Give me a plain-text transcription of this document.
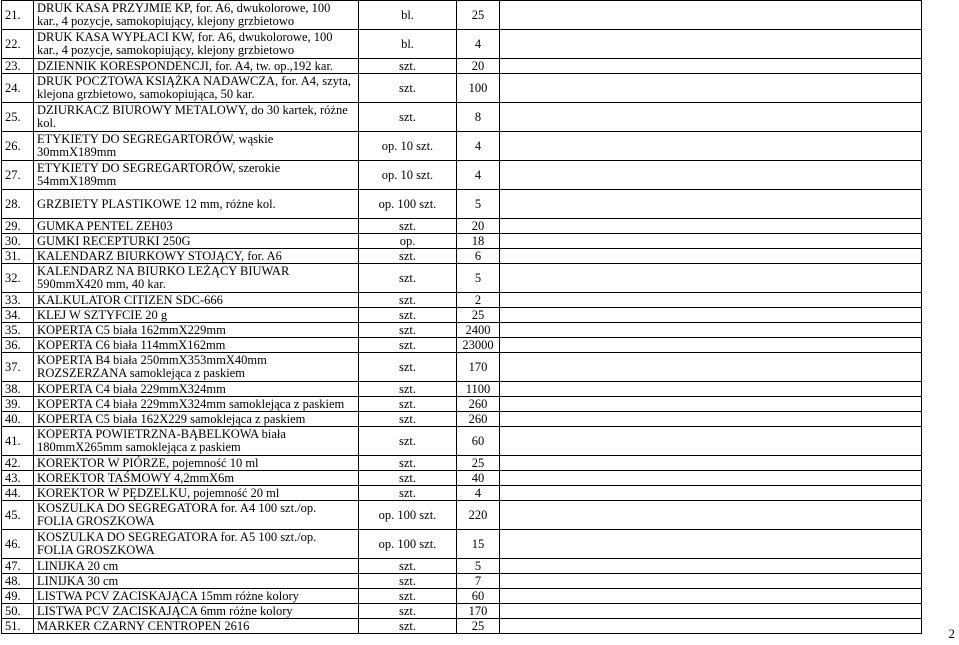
21.	DRUK KASA PRZYJMIE KP, for. A6, dwukolorowe, 100 kar., 4 pozycje, samokopiujący, klejony grzbietowo	bl.	25	
22.	DRUK KASA WYPŁACI KW, for. A6, dwukolorowe, 100 kar., 4 pozycje, samokopiujący, klejony grzbietowo	bl.	4	
23.	DZIENNIK KORESPONDENCJI, for. A4, tw. op.,192 kar.	szt.	20	
24.	DRUK POCZTOWA KSIĄŻKA NADAWCZA, for. A4, szyta, klejona grzbietowo, samokopiująca, 50 kar.	szt.	100	
25.	DZIURKACZ BIUROWY METALOWY, do 30 kartek, różne kol.	szt.	8	
26.	ETYKIETY DO SEGREGARTORÓW, wąskie 30mmX189mm	op. 10 szt.	4	
27.	ETYKIETY DO SEGREGARTORÓW, szerokie 54mmX189mm	op. 10 szt.	4	
28.	GRZBIETY PLASTIKOWE 12 mm, różne kol.	op. 100 szt.	5	
29.	GUMKA PENTEL ZEH03	szt.	20	
30.	GUMKI RECEPTURKI 250G	op.	18	
31.	KALENDARZ BIURKOWY STOJĄCY, for. A6	szt.	6	
32.	KALENDARZ NA BIURKO LEŻĄCY BIUWAR 590mmX420 mm, 40 kar.	szt.	5	
33.	KALKULATOR CITIZEN SDC-666	szt.	2	
34.	KLEJ W SZTYFCIE 20 g	szt.	25	
35.	KOPERTA C5 biała 162mmX229mm	szt.	2400	
36.	KOPERTA C6 biała 114mmX162mm	szt.	23000	
37.	KOPERTA B4 biała 250mmX353mmX40mm ROZSZERZANA samoklejąca z paskiem	szt.	170	
38.	KOPERTA C4 biała 229mmX324mm	szt.	1100	
39.	KOPERTA C4 biała 229mmX324mm samoklejąca z paskiem	szt.	260	
40.	KOPERTA C5 biała 162X229 samoklejąca z paskiem	szt.	260	
41.	KOPERTA POWIETRZNA-BĄBELKOWA biała 180mmX265mm samoklejąca z paskiem	szt.	60	
42.	KOREKTOR W PIÓRZE, pojemność 10 ml	szt.	25	
43.	KOREKTOR TAŚMOWY 4,2mmX6m	szt.	40	
44.	KOREKTOR W PĘDZELKU, pojemność 20 ml	szt.	4	
45.	KOSZULKA DO SEGREGATORA for. A4 100 szt./op. FOLIA GROSZKOWA	op. 100 szt.	220	
46.	KOSZULKA DO SEGREGATORA for. A5 100 szt./op. FOLIA GROSZKOWA	op. 100 szt.	15	
47.	LINIJKA 20 cm	szt.	5	
48.	LINIJKA 30 cm	szt.	7	
49.	LISTWA PCV ZACISKAJĄCA 15mm różne kolory	szt.	60	
50.	LISTWA PCV ZACISKAJĄCA 6mm różne kolory	szt.	170	
51.	MARKER CZARNY CENTROPEN 2616	szt.	25	
2
